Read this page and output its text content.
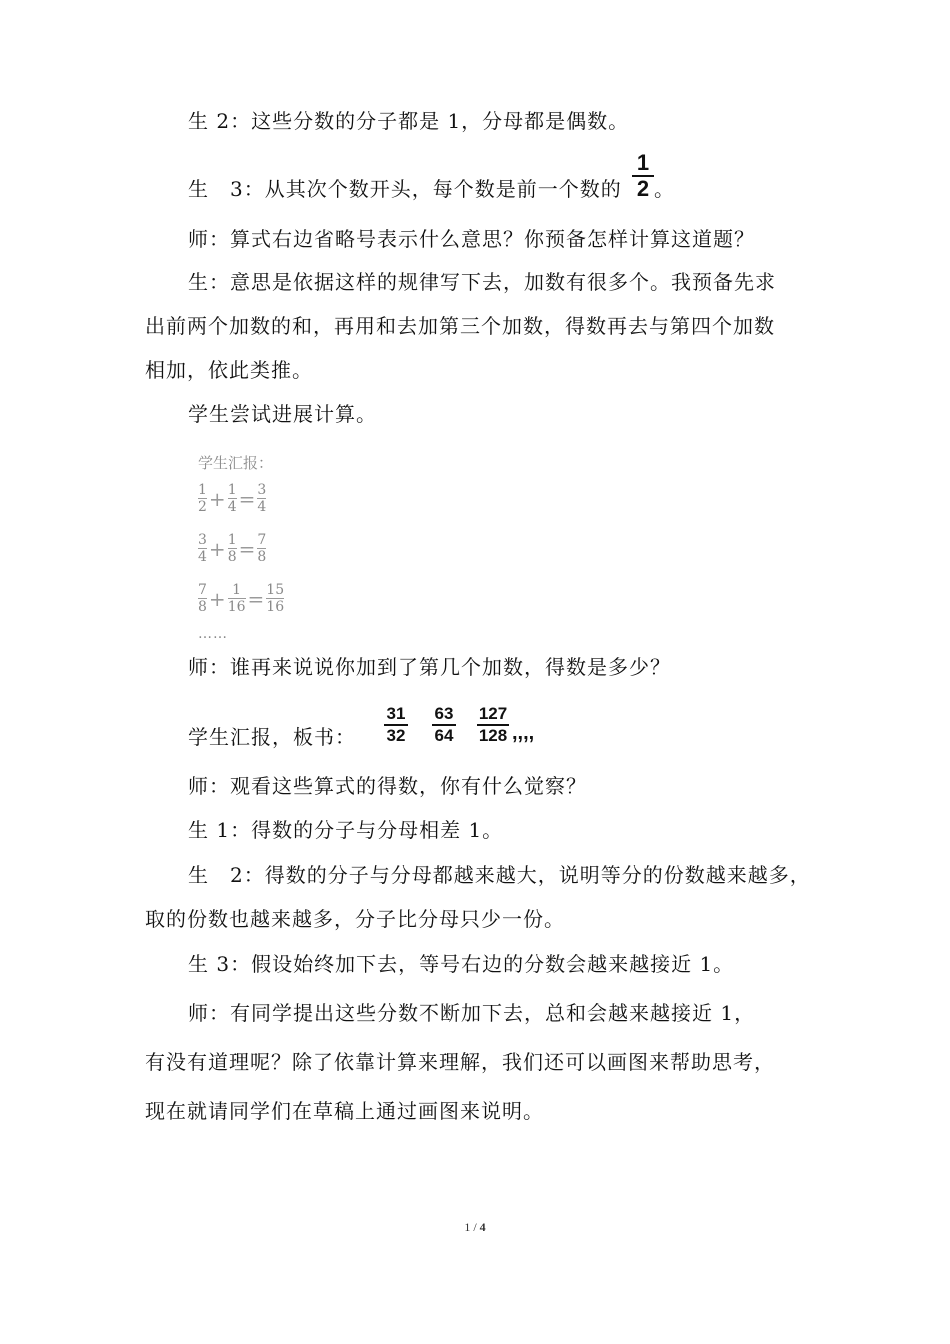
生 2：这些分数的分子都是 1，分母都是偶数。
生　3：从其次个数开头，每个数是前一个数的
1
2 。
师：算式右边省略号表示什么意思？你预备怎样计算这道题？
生：意思是依据这样的规律写下去，加数有很多个。我预备先求
出前两个加数的和，再用和去加第三个加数，得数再去与第四个加数
相加，依此类推。
学生尝试进展计算。
学生汇报：
1
2 + 1
4 = 3
4
3
4 + 1
8 = 7
8
7
8 + 1
16 = 15
16
……
师：谁再来说说你加到了第几个加数，得数是多少？
学生汇报，板书：
31
32
63
64
127
128 ,,,,
师：观看这些算式的得数，你有什么觉察？
生 1：得数的分子与分母相差 1。
生　2：得数的分子与分母都越来越大，说明等分的份数越来越多，
取的份数也越来越多，分子比分母只少一份。
生 3：假设始终加下去，等号右边的分数会越来越接近 1。
师：有同学提出这些分数不断加下去，总和会越来越接近 1，
有没有道理呢？除了依靠计算来理解，我们还可以画图来帮助思考，
现在就请同学们在草稿上通过画图来说明。
1 / 4
